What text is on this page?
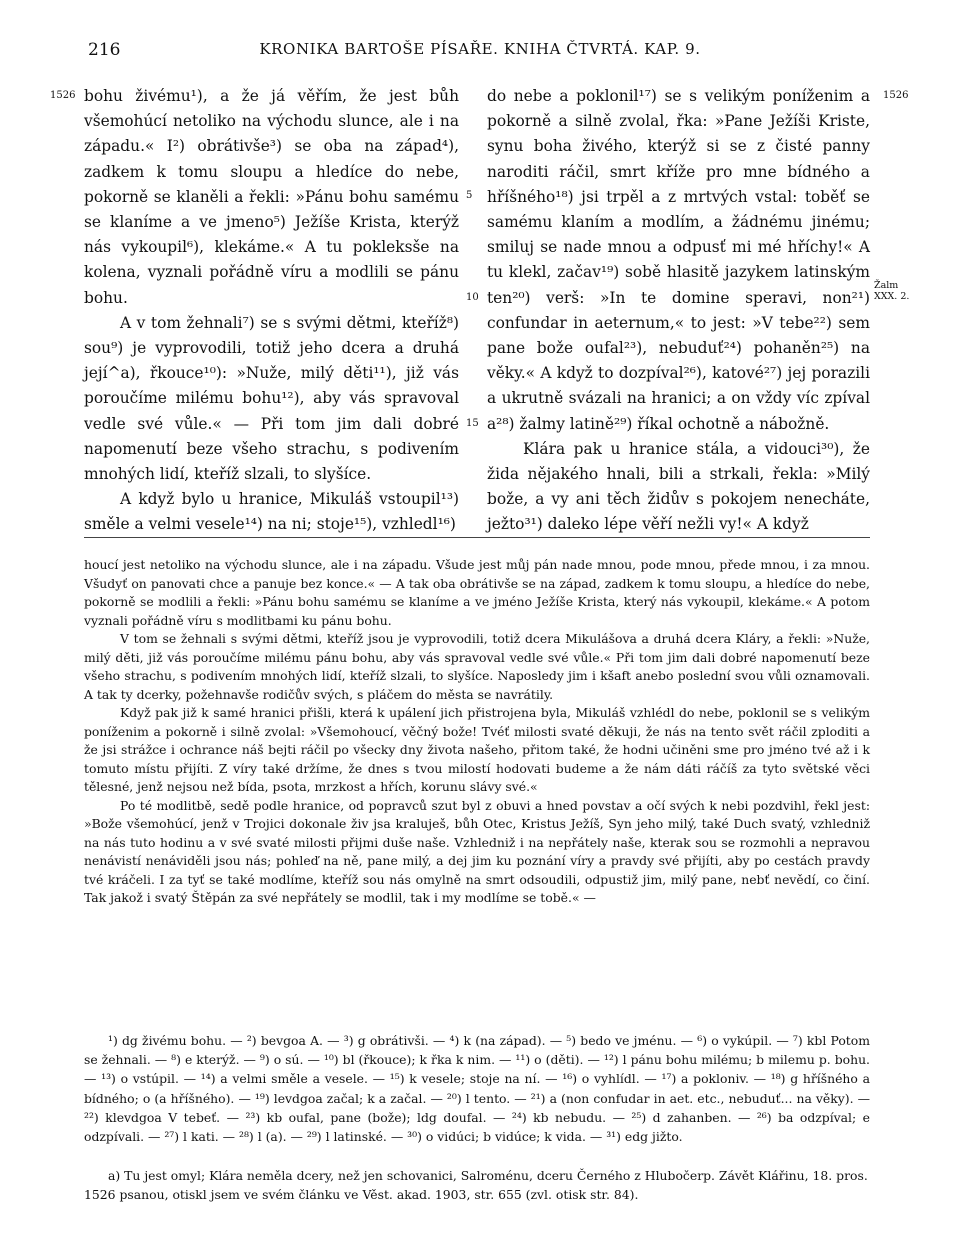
216	KRONIKA BARTOŠE PÍSAŘE. KNIHA ČTVRTÁ. KAP. 9.
1526	1526
5
10
15
Žalm XXX. 2.

bohu živému¹), a že já věřím, že jest bůh všemohúcí netoliko na východu slunce, ale i na západu.« I²) obrátivše³) se oba na západ⁴), zadkem k tomu sloupu a hledíce do nebe, pokorně se klaněli a řekli: »Pánu bohu samému se klaníme a ve jmeno⁵) Ježíše Krista, kterýž nás vykoupil⁶), klekáme.« A tu pokleksše na kolena, vyznali pořádně víru a modlili se pánu bohu.

A v tom žehnali⁷) se s svými dětmi, kteříž⁸) sou⁹) je vyprovodili, totiž jeho dcera a druhá její^a), řkouce¹⁰): »Nuže, milý děti¹¹), již vás poroučíme milému bohu¹²), aby vás spravoval vedle své vůle.« — Při tom jim dali dobré napomenutí beze všeho strachu, s podivením mnohých lidí, kteříž slzali, to slyšíce.

A když bylo u hranice, Mikuláš vstoupil¹³) směle a velmi vesele¹⁴) na ni; stoje¹⁵), vzhledl¹⁶)

do nebe a poklonil¹⁷) se s velikým poníženim a pokorně a silně zvolal, řka: »Pane Ježíši Kriste, synu boha živého, kterýž si se z čisté panny naroditi ráčil, smrt kříže pro mne bídného a hříšného¹⁸) jsi trpěl a z mrtvých vstal: toběť se samému klaním a modlím, a žádnému jinému; smiluj se nade mnou a odpusť mi mé hříchy!« A tu klekl, začav¹⁹) sobě hlasitě jazykem latinským ten²⁰) verš: »In te domine speravi, non²¹) confundar in aeternum,« to jest: »V tebe²²) sem pane bože oufal²³), nebuduť²⁴) pohaněn²⁵) na věky.« A když to dozpíval²⁶), katové²⁷) jej porazili a ukrutně svázali na hranici; a on vždy víc zpíval a²⁸) žalmy latině²⁹) říkal ochotně a nábožně.

Klára pak u hranice stála, a vidouci³⁰), že žida nějakého hnali, bili a strkali, řekla: »Milý bože, a vy ani těch židův s pokojem nenecháte, ježto³¹) daleko lépe věří nežli vy!« A když

houcí jest netoliko na východu slunce, ale i na západu. Všude jest můj pán nade mnou, pode mnou, přede mnou, i za mnou. Všudyť on panovati chce a panuje bez konce.« — A tak oba obrátivše se na západ, zadkem k tomu sloupu, a hledíce do nebe, pokorně se modlili a řekli: »Pánu bohu samému se klaníme a ve jméno Ježíše Krista, který nás vykoupil, klekáme.« A potom vyznali pořádně víru s modlitbami ku pánu bohu.

V tom se žehnali s svými dětmi, kteříž jsou je vyprovodili, totiž dcera Mikulášova a druhá dcera Kláry, a řekli: »Nuže, milý děti, již vás poroučíme milému pánu bohu, aby vás spravoval vedle své vůle.« Při tom jim dali dobré napomenutí beze všeho strachu, s podivením mnohých lidí, kteříž slzali, to slyšíce. Naposledy jim i kšaft anebo poslední svou vůli oznamovali. A tak ty dcerky, požehnavše rodičův svých, s pláčem do města se navrátily.

Když pak již k samé hranici přišli, která k upálení jich přistrojena byla, Mikuláš vzhlédl do nebe, poklonil se s velikým poníženim a pokorně i silně zvolal: »Všemohoucí, věčný bože! Tvéť milosti svaté děkuji, že nás na tento svět ráčil zploditi a že jsi strážce i ochrance náš bejti ráčil po všecky dny života našeho, přitom také, že hodni učiněni sme pro jméno tvé až i k tomuto místu přijíti. Z víry také držíme, že dnes s tvou milostí hodovati budeme a že nám dáti ráčíš za tyto světské věci tělesné, jenž nejsou než bída, psota, mrzkost a hřích, korunu slávy své.«

Po té modlitbě, sedě podle hranice, od popravců szut byl z obuvi a hned povstav a očí svých k nebi pozdvihl, řekl jest: »Bože všemohúcí, jenž v Trojici dokonale živ jsa kraluješ, bůh Otec, Kristus Ježíš, Syn jeho milý, také Duch svatý, vzhledniž na nás tuto hodinu a v své svaté milosti přijmi duše naše. Vzhledniž i na nepřátely naše, kterak sou se rozmohli a nepravou nenávistí nenáviděli jsou nás; pohleď na ně, pane milý, a dej jim ku poznání víry a pravdy své přijíti, aby po cestách pravdy tvé kráčeli. I za tyť se také modlíme, kteříž sou nás omylně na smrt odsoudili, odpustiž jim, milý pane, nebť nevědí, co činí. Tak jakož i svatý Štěpán za své nepřátely se modlil, tak i my modlíme se tobě.« —

¹) dg živému bohu. — ²) bevgoa A. — ³) g obrátivši. — ⁴) k (na západ). — ⁵) bedo ve jménu. — ⁶) o vykúpil. — ⁷) kbl Potom se žehnali. — ⁸) e kterýž. — ⁹) o sú. — ¹⁰) bl (řkouce); k řka k nim. — ¹¹) o (děti). — ¹²) l pánu bohu milému; b milemu p. bohu. — ¹³) o vstúpil. — ¹⁴) a velmi směle a vesele. — ¹⁵) k vesele; stoje na ní. — ¹⁶) o vyhlídl. — ¹⁷) a pokloniv. — ¹⁸) g hříšného a bídného; o (a hříšného). — ¹⁹) levdgoa začal; k a začal. — ²⁰) l tento. — ²¹) a (non confudar in aet. etc., nebuduť... na věky). — ²²) klevdgoa V tebeť. — ²³) kb oufal, pane (bože); ldg doufal. — ²⁴) kb nebudu. — ²⁵) d zahanben. — ²⁶) ba odzpíval; e odzpívali. — ²⁷) l kati. — ²⁸) l (a). — ²⁹) l latinské. — ³⁰) o vidúci; b vidúce; k vida. — ³¹) edg jižto.

a) Tu jest omyl; Klára neměla dcery, než jen schovanici, Salroménu, dceru Černého z Hlubočerp. Závět Klářinu, 18. pros. 1526 psanou, otiskl jsem ve svém článku ve Věst. akad. 1903, str. 655 (zvl. otisk str. 84).
